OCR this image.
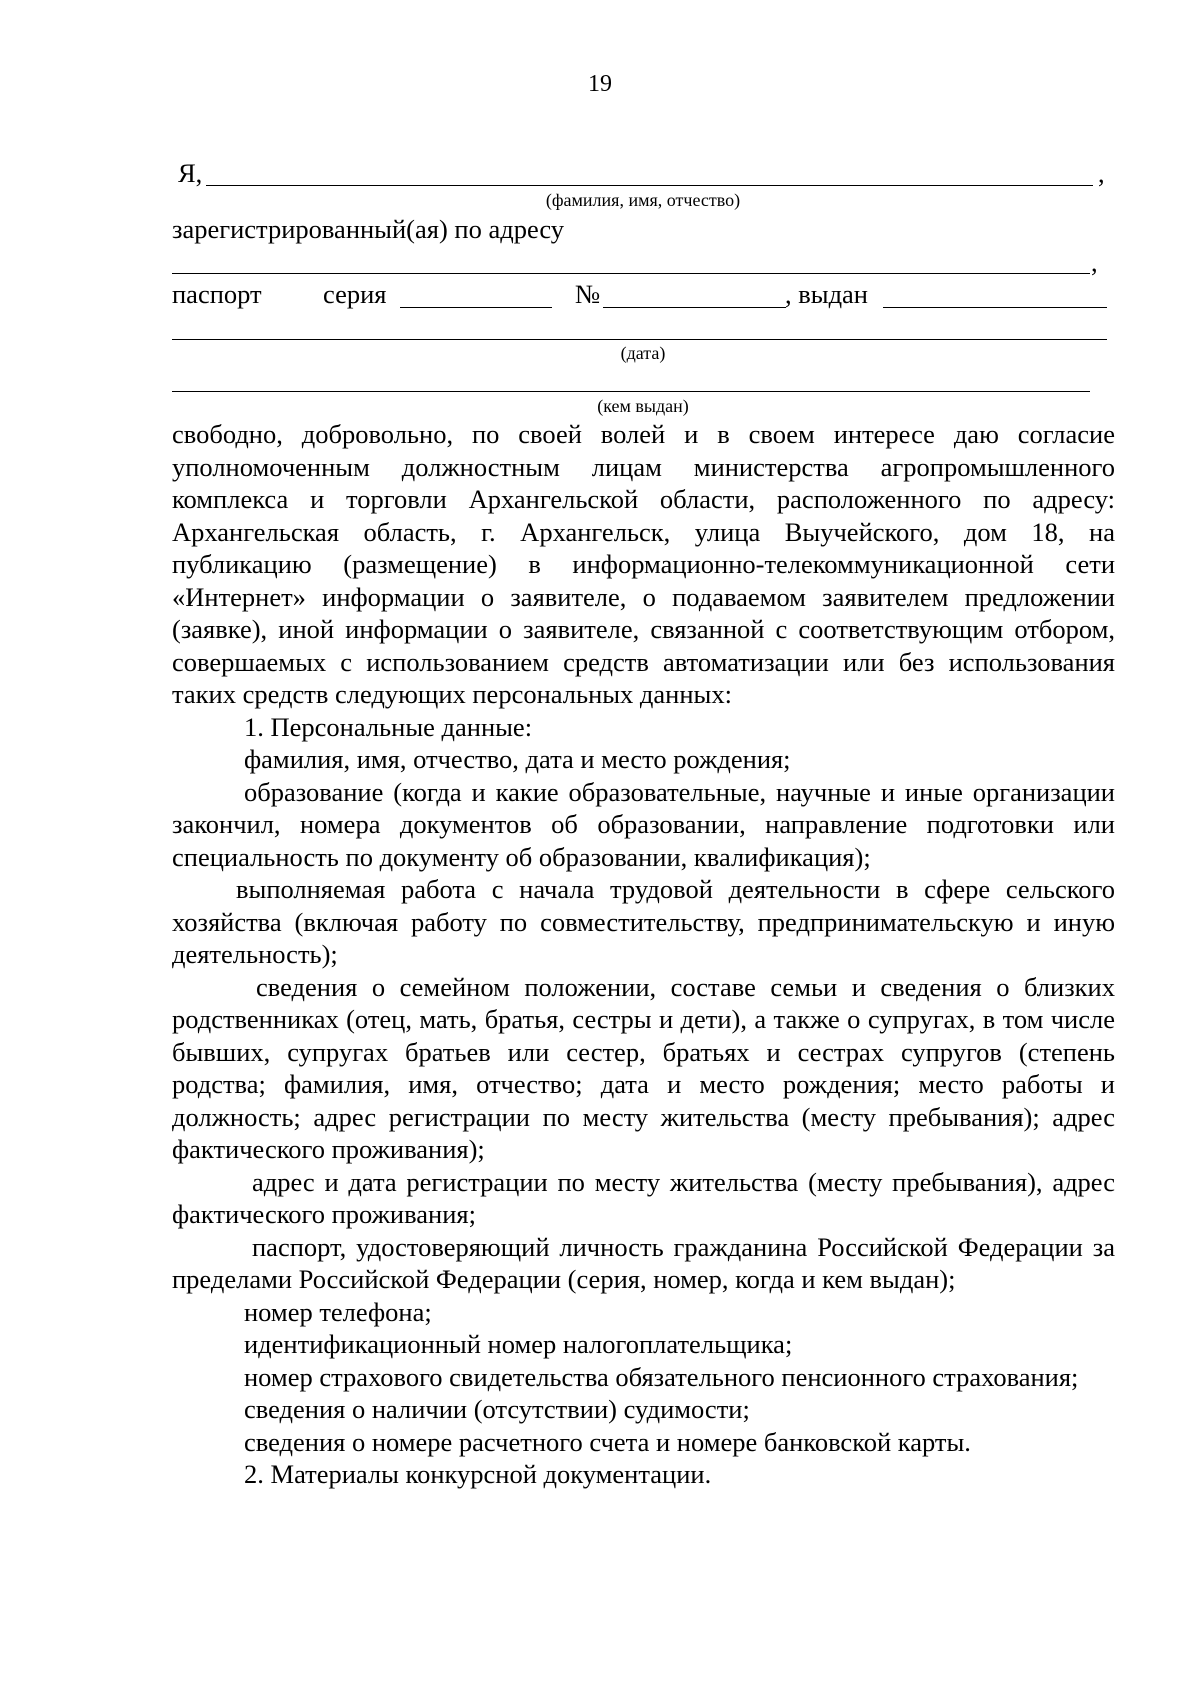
19
Я,	,
(фамилия, имя, отчество)
зарегистрированный(ая) по адресу
,
паспорт серия	№	, выдан
(дата)
(кем выдан)

свободно, добровольно, по своей волей и в своем интересе даю согласие уполномоченным должностным лицам министерства агропромышленного комплекса и торговли Архангельской области, расположенного по адресу: Архангельская область, г. Архангельск, улица Выучейского, дом 18, на публикацию (размещение) в информационно-телекоммуникационной сети «Интернет» информации о заявителе, о подаваемом заявителем предложении (заявке), иной информации о заявителе, связанной с соответствующим отбором, совершаемых с использованием средств автоматизации или без использования таких средств следующих персональных данных:

1. Персональные данные:

фамилия, имя, отчество, дата и место рождения;

образование (когда и какие образовательные, научные и иные организации закончил, номера документов об образовании, направление подготовки или специальность по документу об образовании, квалификация);

выполняемая работа с начала трудовой деятельности в сфере сельского хозяйства (включая работу по совместительству, предпринимательскую и иную деятельность);

сведения о семейном положении, составе семьи и сведения о близких родственниках (отец, мать, братья, сестры и дети), а также о супругах, в том числе бывших, супругах братьев или сестер, братьях и сестрах супругов (степень родства; фамилия, имя, отчество; дата и место рождения; место работы и должность; адрес регистрации по месту жительства (месту пребывания); адрес фактического проживания);

адрес и дата регистрации по месту жительства (месту пребывания), адрес фактического проживания;

паспорт, удостоверяющий личность гражданина Российской Федерации за пределами Российской Федерации (серия, номер, когда и кем выдан);

номер телефона;

идентификационный номер налогоплательщика;

номер страхового свидетельства обязательного пенсионного страхования;

сведения о наличии (отсутствии) судимости;

сведения о номере расчетного счета и номере банковской карты.

2. Материалы конкурсной документации.
